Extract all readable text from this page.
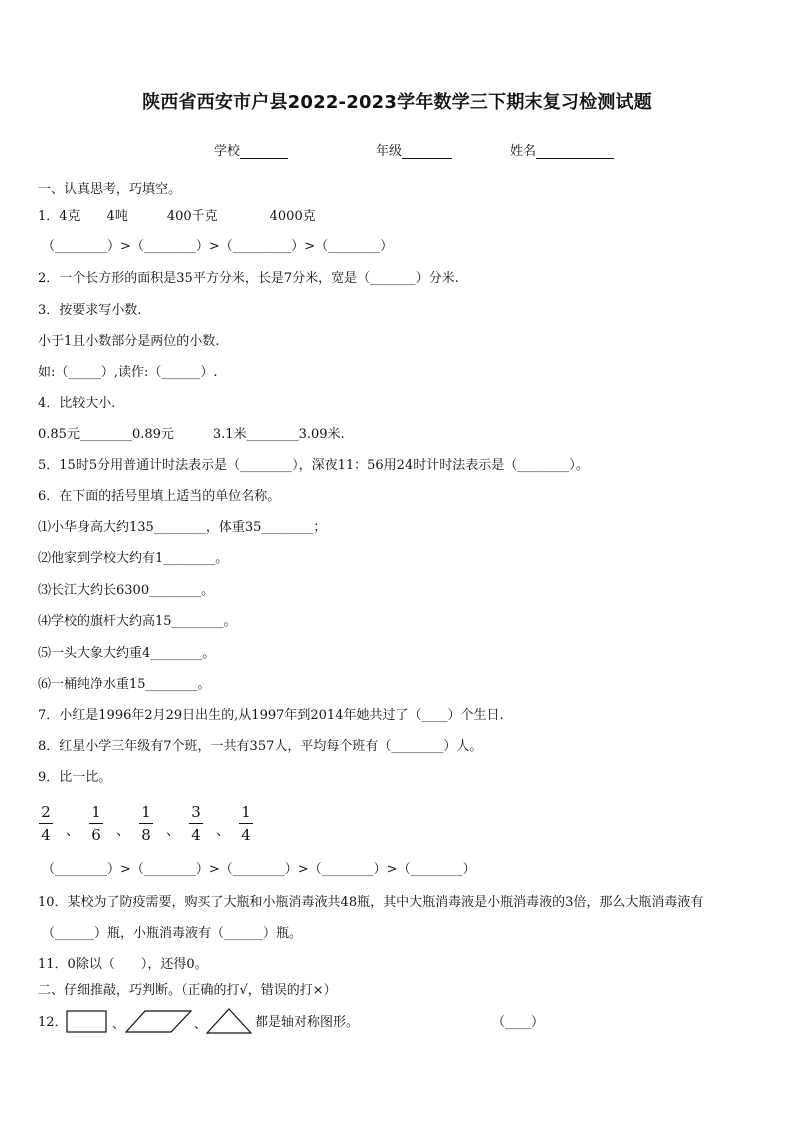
陕西省西安市户县2022-2023学年数学三下期末复习检测试题
学校	年级	姓名
一、认真思考，巧填空。
1．4克　　4吨　　　400千克　　　　4000克
（________）>（________）>（_________）>（________）
2．一个长方形的面积是35平方分米，长是7分米，宽是（_______）分米.
3．按要求写小数.
小于1且小数部分是两位的小数.
如:（_____）,读作:（______）.
4．比较大小.
0.85元________0.89元　　　3.1米________3.09米.
5．15时5分用普通计时法表示是（________），深夜11：56用24时计时法表示是（________）。
6．在下面的括号里填上适当的单位名称。
⑴小华身高大约135________，体重35________；
⑵他家到学校大约有1________。
⑶长江大约长6300________。
⑷学校的旗杆大约高15________。
⑸一头大象大约重4________。
⑹一桶纯净水重15________。
7．小红是1996年2月29日出生的,从1997年到2014年她共过了（____）个生日.
8．红星小学三年级有7个班，一共有357人，平均每个班有（________）人。
9．比一比。
2
4 、
1
6 、
1
8 、
3
4 、
1
4
（________）>（________）>（________）>（________）>（________）
10．某校为了防疫需要，购买了大瓶和小瓶消毒液共48瓶，其中大瓶消毒液是小瓶消毒液的3倍，那么大瓶消毒液有
（______）瓶，小瓶消毒液有（______）瓶。
11．0除以（　　），还得0。
二、仔细推敲，巧判断。（正确的打√，错误的打×）
12．	、	、	都是轴对称图形。	（____）
